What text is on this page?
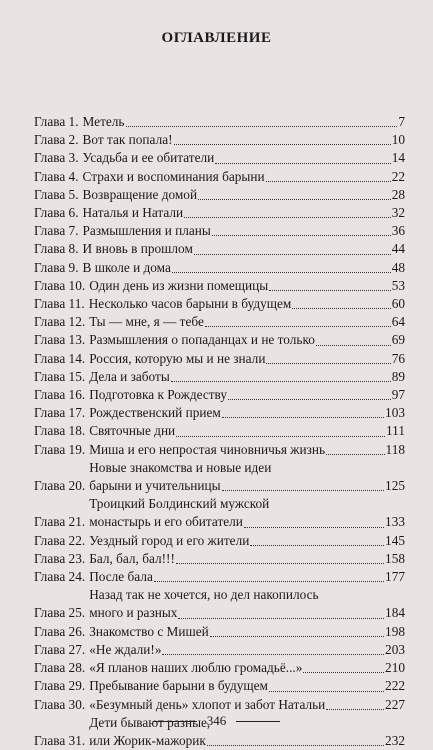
ОГЛАВЛЕНИЕ
Глава 1. Метель	7
Глава 2. Вот так попала!	10
Глава 3. Усадьба и ее обитатели	14
Глава 4. Страхи и воспоминания барыни	22
Глава 5. Возвращение домой	28
Глава 6. Наталья и Натали	32
Глава 7. Размышления и планы	36
Глава 8. И вновь в прошлом	44
Глава 9. В школе и дома	48
Глава 10. Один день из жизни помещицы	53
Глава 11. Несколько часов барыни в будущем	60
Глава 12. Ты — мне, я — тебе	64
Глава 13. Размышления о попаданцах и не только	69
Глава 14. Россия, которую мы и не знали	76
Глава 15. Дела и заботы	89
Глава 16. Подготовка к Рождеству	97
Глава 17. Рождественский прием	103
Глава 18. Святочные дни	111
Глава 19. Миша и его непростая чиновничья жизнь	118
Глава 20.
Новые знакомства и новые идеи
барыни и учительницы	125
Глава 21.
Троицкий Болдинский мужской
монастырь и его обитатели	133
Глава 22. Уездный город и его жители	145
Глава 23. Бал, бал, бал!!!	158
Глава 24. После бала	177
Глава 25.
Назад так не хочется, но дел накопилось
много и разных	184
Глава 26. Знакомство с Мишей	198
Глава 27. «Не ждали!»	203
Глава 28. «Я планов наших люблю громадьё...»	210
Глава 29. Пребывание барыни в будущем	222
Глава 30. «Безумный день» хлопот и забот Натальи	227
Глава 31.
Дети бывают разные,
или Жорик-мажорик	232
346
